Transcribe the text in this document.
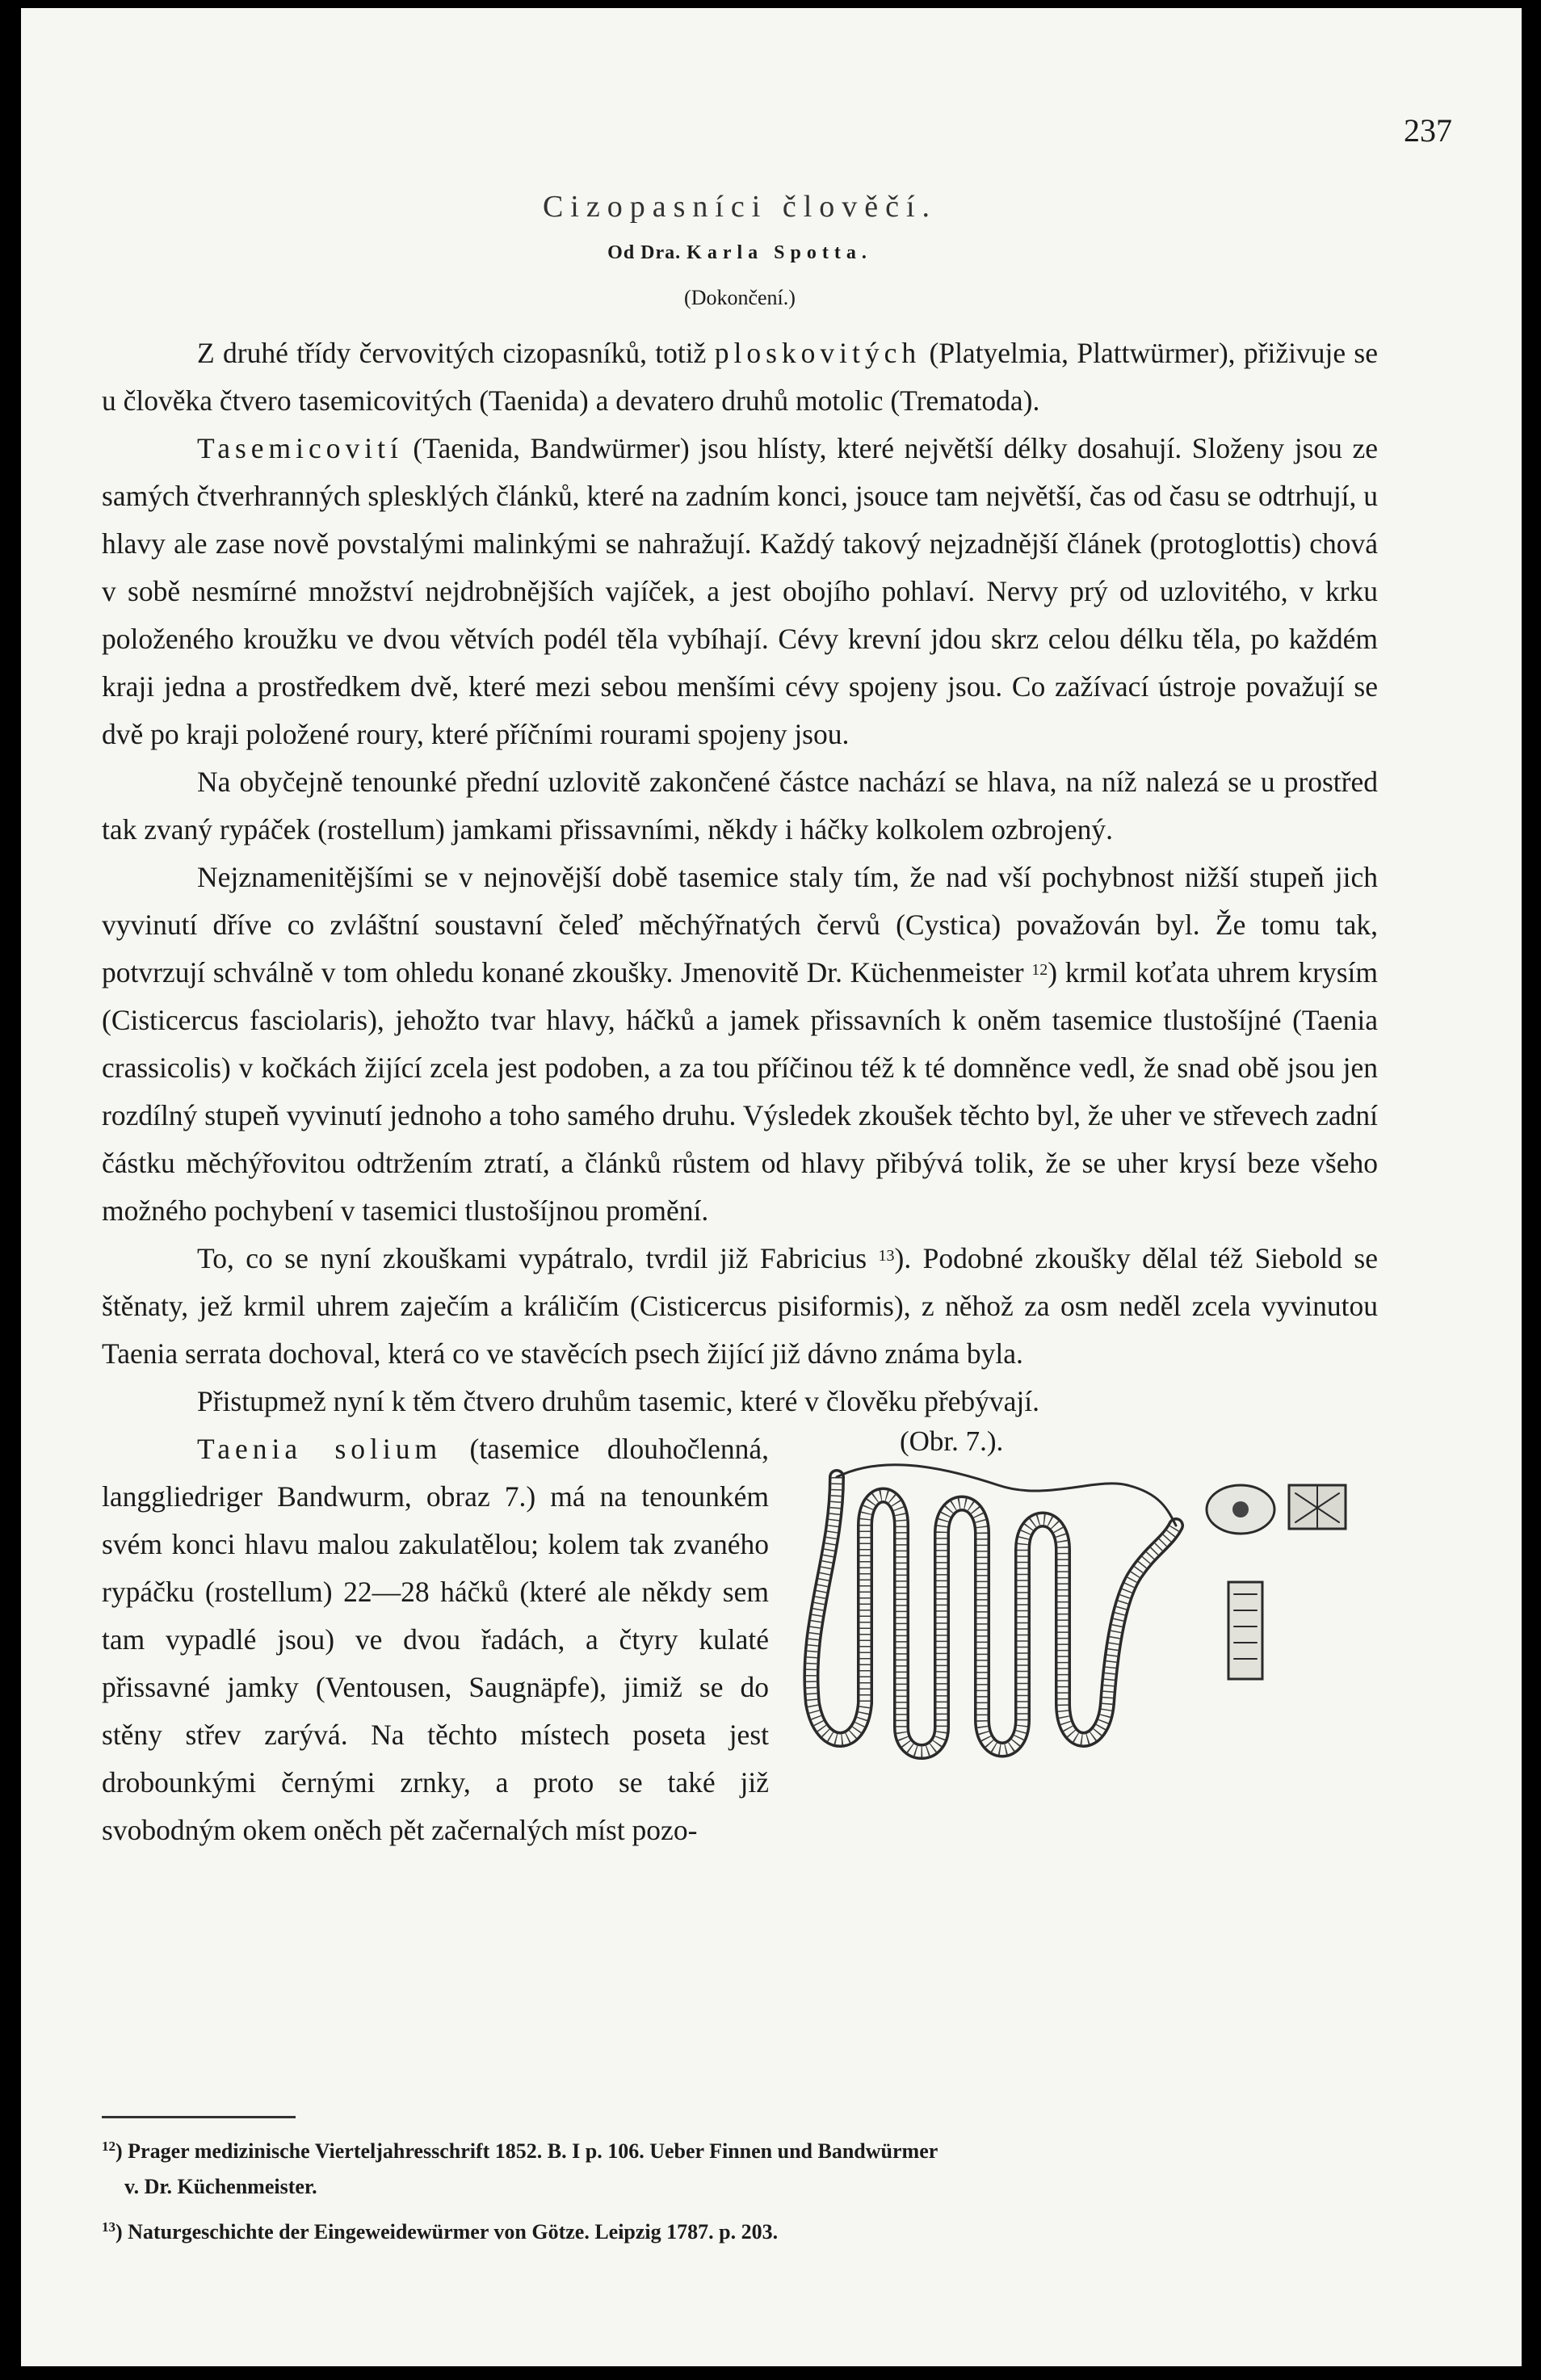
237
Cizopasníci člověčí.
Od Dra. Karla Spotta.
(Dokončení.)

Z druhé třídy červovitých cizopasníků, totiž ploskovitých (Platyelmia, Plattwürmer), přiživuje se u člověka čtvero tasemicovitých (Taenida) a devatero druhů motolic (Trematoda).

Tasemicovití (Taenida, Bandwürmer) jsou hlísty, které největší délky dosahují. Složeny jsou ze samých čtverhranných splesklých článků, které na zadním konci, jsouce tam největší, čas od času se odtrhují, u hlavy ale zase nově povstalými malinkými se nahražují. Každý takový nejzadnější článek (protoglottis) chová v sobě nesmírné množství nejdrobnějších vajíček, a jest obojího pohlaví. Nervy prý od uzlovitého, v krku položeného kroužku ve dvou větvích podél těla vybíhají. Cévy krevní jdou skrz celou délku těla, po každém kraji jedna a prostředkem dvě, které mezi sebou menšími cévy spojeny jsou. Co zažívací ústroje považují se dvě po kraji položené roury, které příčními rourami spojeny jsou.

Na obyčejně tenounké přední uzlovitě zakončené částce nachází se hlava, na níž nalezá se u prostřed tak zvaný rypáček (rostellum) jamkami přissavními, někdy i háčky kolkolem ozbrojený.

Nejznamenitějšími se v nejnovější době tasemice staly tím, že nad vší pochybnost nižší stupeň jich vyvinutí dříve co zvláštní soustavní čeleď měchýřnatých červů (Cystica) považován byl. Že tomu tak, potvrzují schválně v tom ohledu konané zkoušky. Jmenovitě Dr. Küchenmeister $^{12}$) krmil koťata uhrem krysím (Cisticercus fasciolaris), jehožto tvar hlavy, háčků a jamek přissavních k oněm tasemice tlustošíjné (Taenia crassicolis) v kočkách žijící zcela jest podoben, a za tou příčinou též k té domněnce vedl, že snad obě jsou jen rozdílný stupeň vyvinutí jednoho a toho samého druhu. Výsledek zkoušek těchto byl, že uher ve střevech zadní částku měchýřovitou odtržením ztratí, a článků růstem od hlavy přibývá tolik, že se uher krysí beze všeho možného pochybení v tasemici tlustošíjnou promění.

To, co se nyní zkouškami vypátralo, tvrdil již Fabricius $^{13}$). Podobné zkoušky dělal též Siebold se štěnaty, jež krmil uhrem zaječím a králičím (Cisticercus pisiformis), z něhož za osm neděl zcela vyvinutou Taenia serrata dochoval, která co ve stavěcích psech žijící již dávno známa byla.

Přistupmež nyní k těm čtvero druhům tasemic, které v člověku přebývají.

(Obr. 7.).
Taenia solium (tasemice dlouhočlenná, langgliedriger Bandwurm, obraz 7.) má na tenounkém svém konci hlavu malou zakulatělou; kolem tak zvaného rypáčku (rostellum) 22—28 háčků (které ale někdy sem tam vypadlé jsou) ve dvou řadách, a čtyry kulaté přissavné jamky (Ventousen, Saugnäpfe), jimiž se do stěny střev zarývá. Na těchto místech poseta jest drobounkými černými zrnky, a proto se také již svobodným okem oněch pět začernalých míst pozo-

$^{12}$) Prager medizinische Vierteljahresschrift 1852. B. I p. 106. Ueber Finnen und Bandwürmer
v. Dr. Küchenmeister.
$^{13}$) Naturgeschichte der Eingeweidewürmer von Götze. Leipzig 1787. p. 203.
